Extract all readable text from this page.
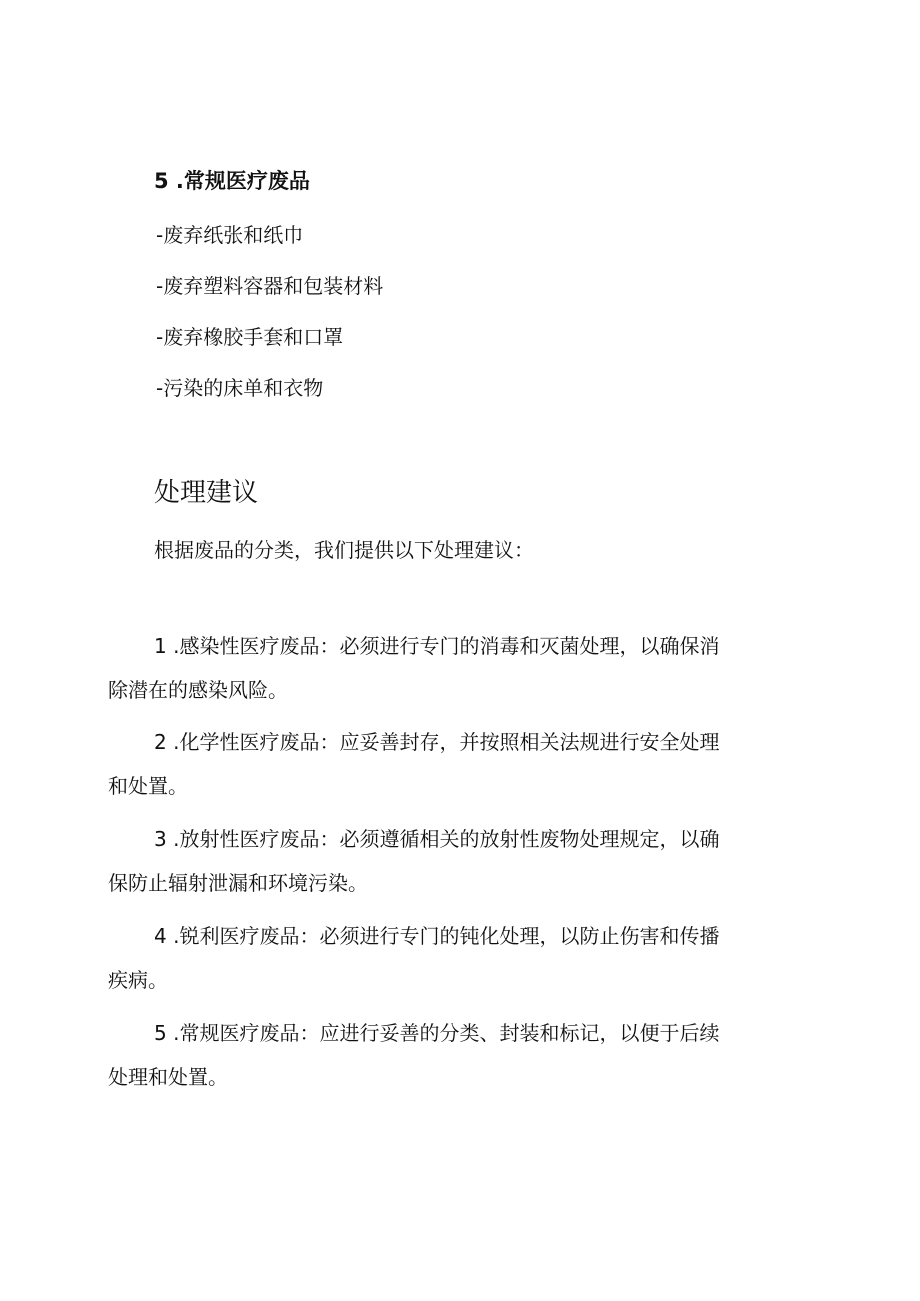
5 .常规医疗废品
-废弃纸张和纸巾
-废弃塑料容器和包装材料
-废弃橡胶手套和口罩
-污染的床单和衣物
处理建议
根据废品的分类，我们提供以下处理建议：
1 .感染性医疗废品：必须进行专门的消毒和灭菌处理，以确保消
除潜在的感染风险。
2 .化学性医疗废品：应妥善封存，并按照相关法规进行安全处理
和处置。
3 .放射性医疗废品：必须遵循相关的放射性废物处理规定，以确
保防止辐射泄漏和环境污染。
4 .锐利医疗废品：必须进行专门的钝化处理，以防止伤害和传播
疾病。
5 .常规医疗废品：应进行妥善的分类、封装和标记，以便于后续
处理和处置。
